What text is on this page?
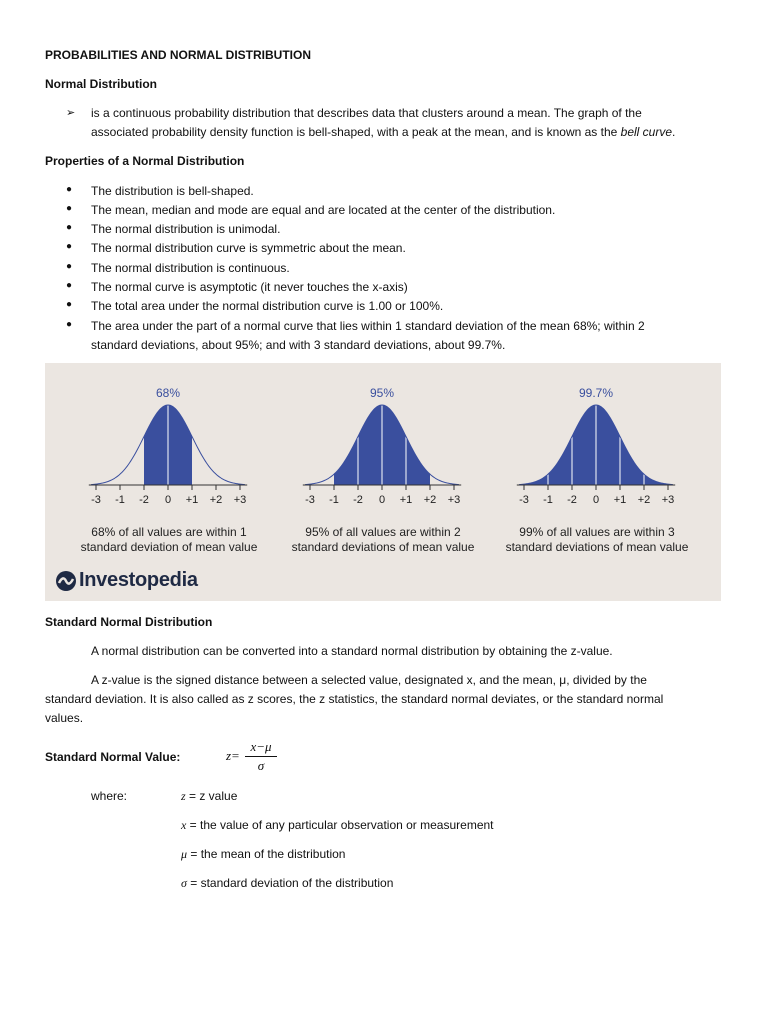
PROBABILITIES AND NORMAL DISTRIBUTION
Normal Distribution
➢ is a continuous probability distribution that describes data that clusters around a mean. The graph of the
associated probability density function is bell-shaped, with a peak at the mean, and is known as the bell curve.
Properties of a Normal Distribution
● The distribution is bell-shaped.
● The mean, median and mode are equal and are located at the center of the distribution.
● The normal distribution is unimodal.
● The normal distribution curve is symmetric about the mean.
● The normal distribution is continuous.
● The normal curve is asymptotic (it never touches the x-axis)
● The total area under the normal distribution curve is 1.00 or 100%.
● The area under the part of a normal curve that lies within 1 standard deviation of the mean 68%; within 2
standard deviations, about 95%; and with 3 standard deviations, about 99.7%.
-3 -1 -2 0 +1 +2 +3
68%
-3 -1 -2 0 +1 +2 +3
95%
-3 -1 -2 0 +1 +2 +3
99.7%
68% of all values are within 1
standard deviation of mean value
95% of all values are within 2
standard deviations of mean value
99% of all values are within 3
standard deviations of mean value
Investopedia
Standard Normal Distribution
A normal distribution can be converted into a standard normal distribution by obtaining the z-value.
A z-value is the signed distance between a selected value, designated x, and the mean, μ, divided by the
standard deviation. It is also called as z scores, the z statistics, the standard normal deviates, or the standard normal
values.
Standard Normal Value:	z=
x−μ
σ
where:	z = z value
x = the value of any particular observation or measurement
μ = the mean of the distribution
σ = standard deviation of the distribution
